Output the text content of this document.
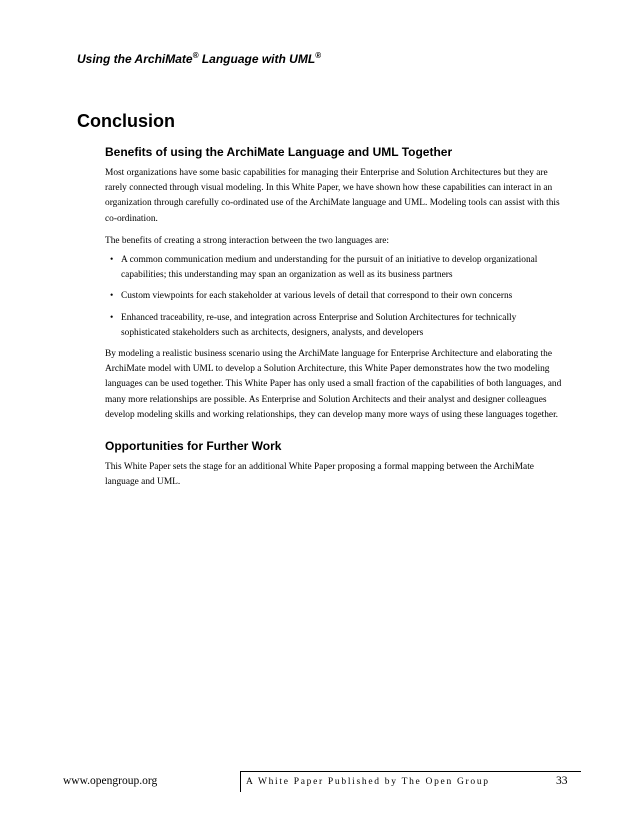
Using the ArchiMate® Language with UML®
Conclusion
Benefits of using the ArchiMate Language and UML Together

Most organizations have some basic capabilities for managing their Enterprise and Solution Architectures but they are rarely connected through visual modeling. In this White Paper, we have shown how these capabilities can interact in an organization through carefully co-ordinated use of the ArchiMate language and UML. Modeling tools can assist with this co-ordination.

The benefits of creating a strong interaction between the two languages are:

• A common communication medium and understanding for the pursuit of an initiative to develop organizational capabilities; this understanding may span an organization as well as its business partners
• Custom viewpoints for each stakeholder at various levels of detail that correspond to their own concerns
• Enhanced traceability, re-use, and integration across Enterprise and Solution Architectures for technically sophisticated stakeholders such as architects, designers, analysts, and developers

By modeling a realistic business scenario using the ArchiMate language for Enterprise Architecture and elaborating the ArchiMate model with UML to develop a Solution Architecture, this White Paper demonstrates how the two modeling languages can be used together. This White Paper has only used a small fraction of the capabilities of both languages, and many more relationships are possible. As Enterprise and Solution Architects and their analyst and designer colleagues develop modeling skills and working relationships, they can develop many more ways of using these languages together.

Opportunities for Further Work

This White Paper sets the stage for an additional White Paper proposing a formal mapping between the ArchiMate language and UML.

www.opengroup.org	A White Paper Published by The Open Group	33
